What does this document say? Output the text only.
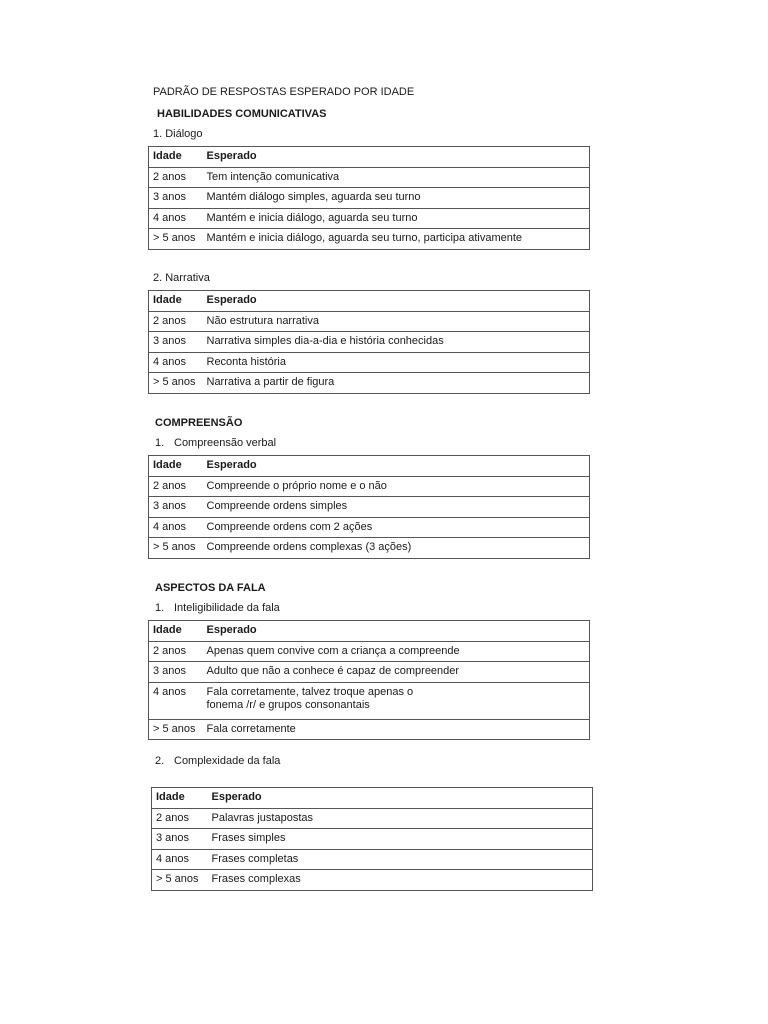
PADRÃO DE RESPOSTAS ESPERADO POR IDADE
HABILIDADES COMUNICATIVAS
1. Diálogo
Idade	Esperado
2 anos	Tem intenção comunicativa
3 anos	Mantém diálogo simples, aguarda seu turno
4 anos	Mantém e inicia diálogo, aguarda seu turno
> 5 anos	Mantém e inicia diálogo, aguarda seu turno, participa ativamente
2. Narrativa
Idade	Esperado
2 anos	Não estrutura narrativa
3 anos	Narrativa simples dia-a-dia e história conhecidas
4 anos	Reconta história
> 5 anos	Narrativa a partir de figura
COMPREENSÃO
1. Compreensão verbal
Idade	Esperado
2 anos	Compreende o próprio nome e o não
3 anos	Compreende ordens simples
4 anos	Compreende ordens com 2 ações
> 5 anos	Compreende ordens complexas (3 ações)
ASPECTOS DA FALA
1. Inteligibilidade da fala
Idade	Esperado
2 anos	Apenas quem convive com a criança a compreende
3 anos	Adulto que não a conhece é capaz de compreender
4 anos	Fala corretamente, talvez troque apenas o fonema /r/ e grupos consonantais
> 5 anos	Fala corretamente
2. Complexidade da fala
Idade	Esperado
2 anos	Palavras justapostas
3 anos	Frases simples
4 anos	Frases completas
> 5 anos	Frases complexas
